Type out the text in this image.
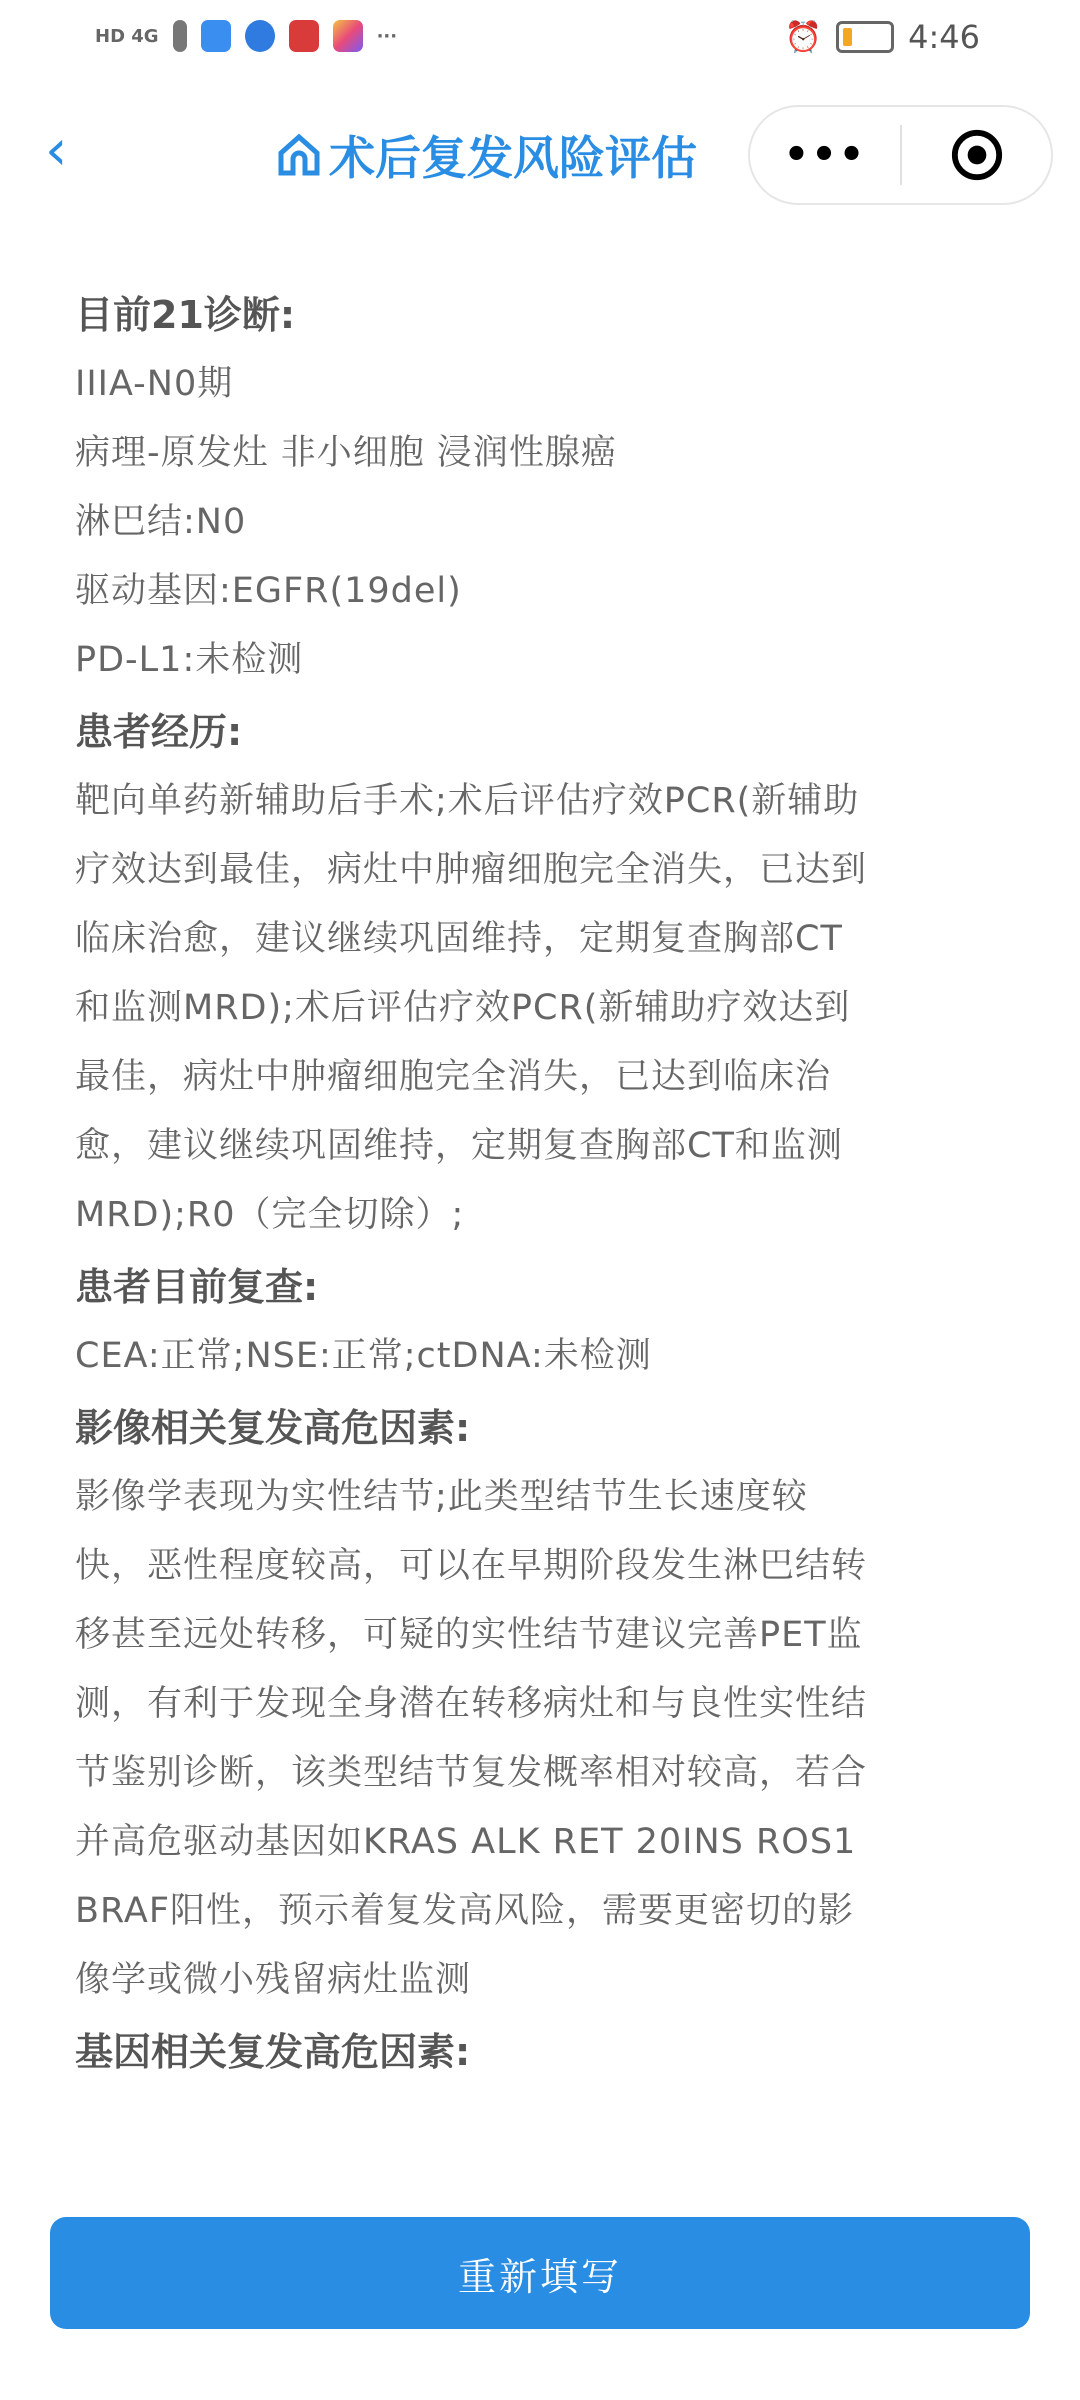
HD 4G	···	⏰	4:46
‹	术后复发风险评估	•••
目前21诊断:
IIIA-N0期
病理-原发灶 非小细胞 浸润性腺癌
淋巴结:N0
驱动基因:EGFR(19del)
PD-L1:未检测
患者经历:
靶向单药新辅助后手术;术后评估疗效PCR(新辅助
疗效达到最佳，病灶中肿瘤细胞完全消失，已达到
临床治愈，建议继续巩固维持，定期复查胸部CT
和监测MRD);术后评估疗效PCR(新辅助疗效达到
最佳，病灶中肿瘤细胞完全消失，已达到临床治
愈，建议继续巩固维持，定期复查胸部CT和监测
MRD);R0（完全切除）;
患者目前复查:
CEA:正常;NSE:正常;ctDNA:未检测
影像相关复发高危因素:
影像学表现为实性结节;此类型结节生长速度较
快，恶性程度较高，可以在早期阶段发生淋巴结转
移甚至远处转移，可疑的实性结节建议完善PET监
测，有利于发现全身潜在转移病灶和与良性实性结
节鉴别诊断，该类型结节复发概率相对较高，若合
并高危驱动基因如KRAS ALK RET 20INS ROS1
BRAF阳性，预示着复发高风险，需要更密切的影
像学或微小残留病灶监测
基因相关复发高危因素:
重新填写
